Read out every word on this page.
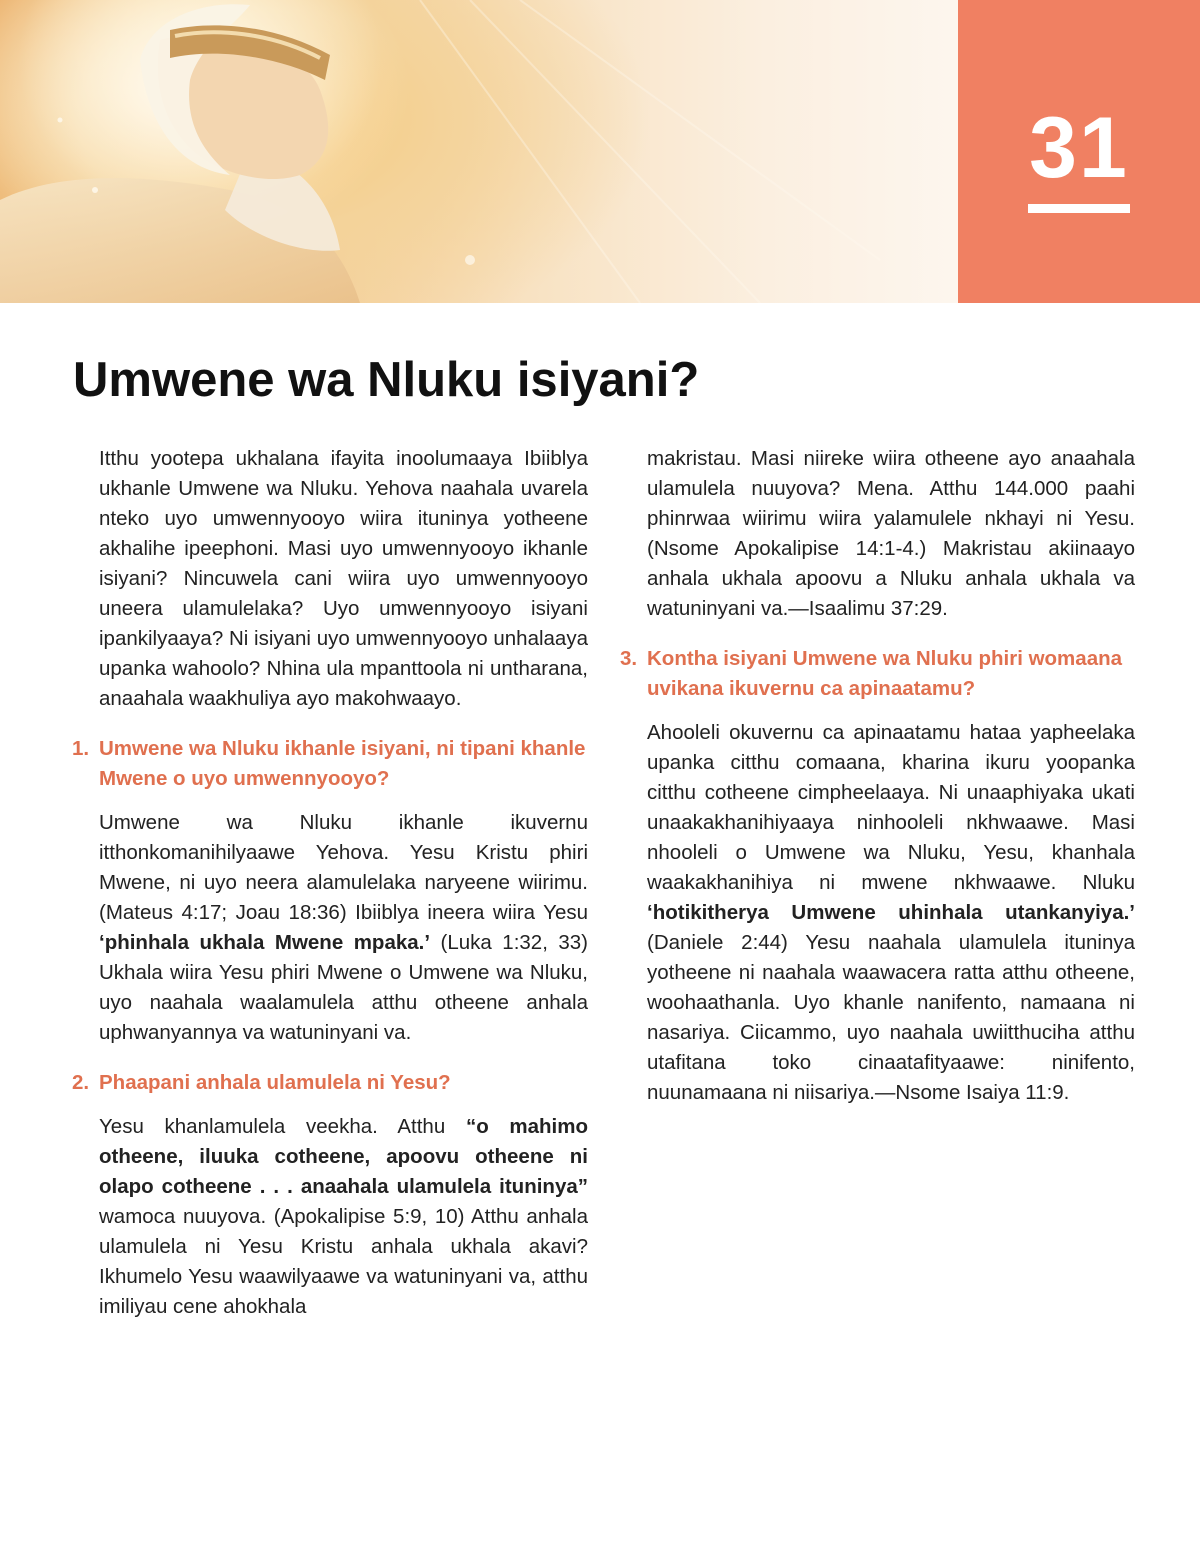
31
Umwene wa Nluku isiyani?

Itthu yootepa ukhalana ifayita inoolumaaya Ibiiblya ukhanle Umwene wa Nluku. Yehova naahala uvarela nteko uyo umwennyooyo wiira ituninya yotheene akhalihe ipeephoni. Masi uyo umwennyooyo ikhanle isiyani? Nincuwela cani wiira uyo umwennyooyo uneera ulamulelaka? Uyo umwennyooyo isiyani ipankilyaaya? Ni isiyani uyo umwennyooyo unhalaaya upanka wahoolo? Nhina ula mpanttoola ni untharana, anaahala waakhuliya ayo makohwaayo.

1. Umwene wa Nluku ikhanle isiyani, ni tipani khanle Mwene o uyo umwennyooyo?

Umwene wa Nluku ikhanle ikuvernu itthonkomanihilyaawe Yehova. Yesu Kristu phiri Mwene, ni uyo neera alamulelaka naryeene wiirimu. (Mateus 4:17; Joau 18:36) Ibiiblya ineera wiira Yesu ‘phinhala ukhala Mwene mpaka.’ (Luka 1:32, 33) Ukhala wiira Yesu phiri Mwene o Umwene wa Nluku, uyo naahala waalamulela atthu otheene anhala uphwanyannya va watuninyani va.

2. Phaapani anhala ulamulela ni Yesu?

Yesu khanlamulela veekha. Atthu “o mahimo otheene, iluuka cotheene, apoovu otheene ni olapo cotheene . . . anaahala ulamulela ituninya” wamoca nuuyova. (Apokalipise 5:9, 10) Atthu anhala ulamulela ni Yesu Kristu anhala ukhala akavi? Ikhumelo Yesu waawilyaawe va watuninyani va, atthu imiliyau cene ahokhala

makristau. Masi niireke wiira otheene ayo anaahala ulamulela nuuyova? Mena. Atthu 144.000 paahi phinrwaa wiirimu wiira yalamulele nkhayi ni Yesu. (Nsome Apokalipise 14:1-4.) Makristau akiinaayo anhala ukhala apoovu a Nluku anhala ukhala va watuninyani va.—Isaalimu 37:29.

3. Kontha isiyani Umwene wa Nluku phiri womaana uvikana ikuvernu ca apinaatamu?

Ahooleli okuvernu ca apinaatamu hataa yapheelaka upanka citthu comaana, kharina ikuru yoopanka citthu cotheene cimpheelaaya. Ni unaaphiyaka ukati unaakakhanihiyaaya ninhooleli nkhwaawe. Masi nhooleli o Umwene wa Nluku, Yesu, khanhala waakakhanihiya ni mwene nkhwaawe. Nluku ‘hotikitherya Umwene uhinhala utankanyiya.’ (Daniele 2:44) Yesu naahala ulamulela ituninya yotheene ni naahala waawacera ratta atthu otheene, woohaathanla. Uyo khanle nanifento, namaana ni nasariya. Ciicammo, uyo naahala uwiitthuciha atthu utafitana toko cinaatafityaawe: ninifento, nuunamaana ni niisariya.—Nsome Isaiya 11:9.
